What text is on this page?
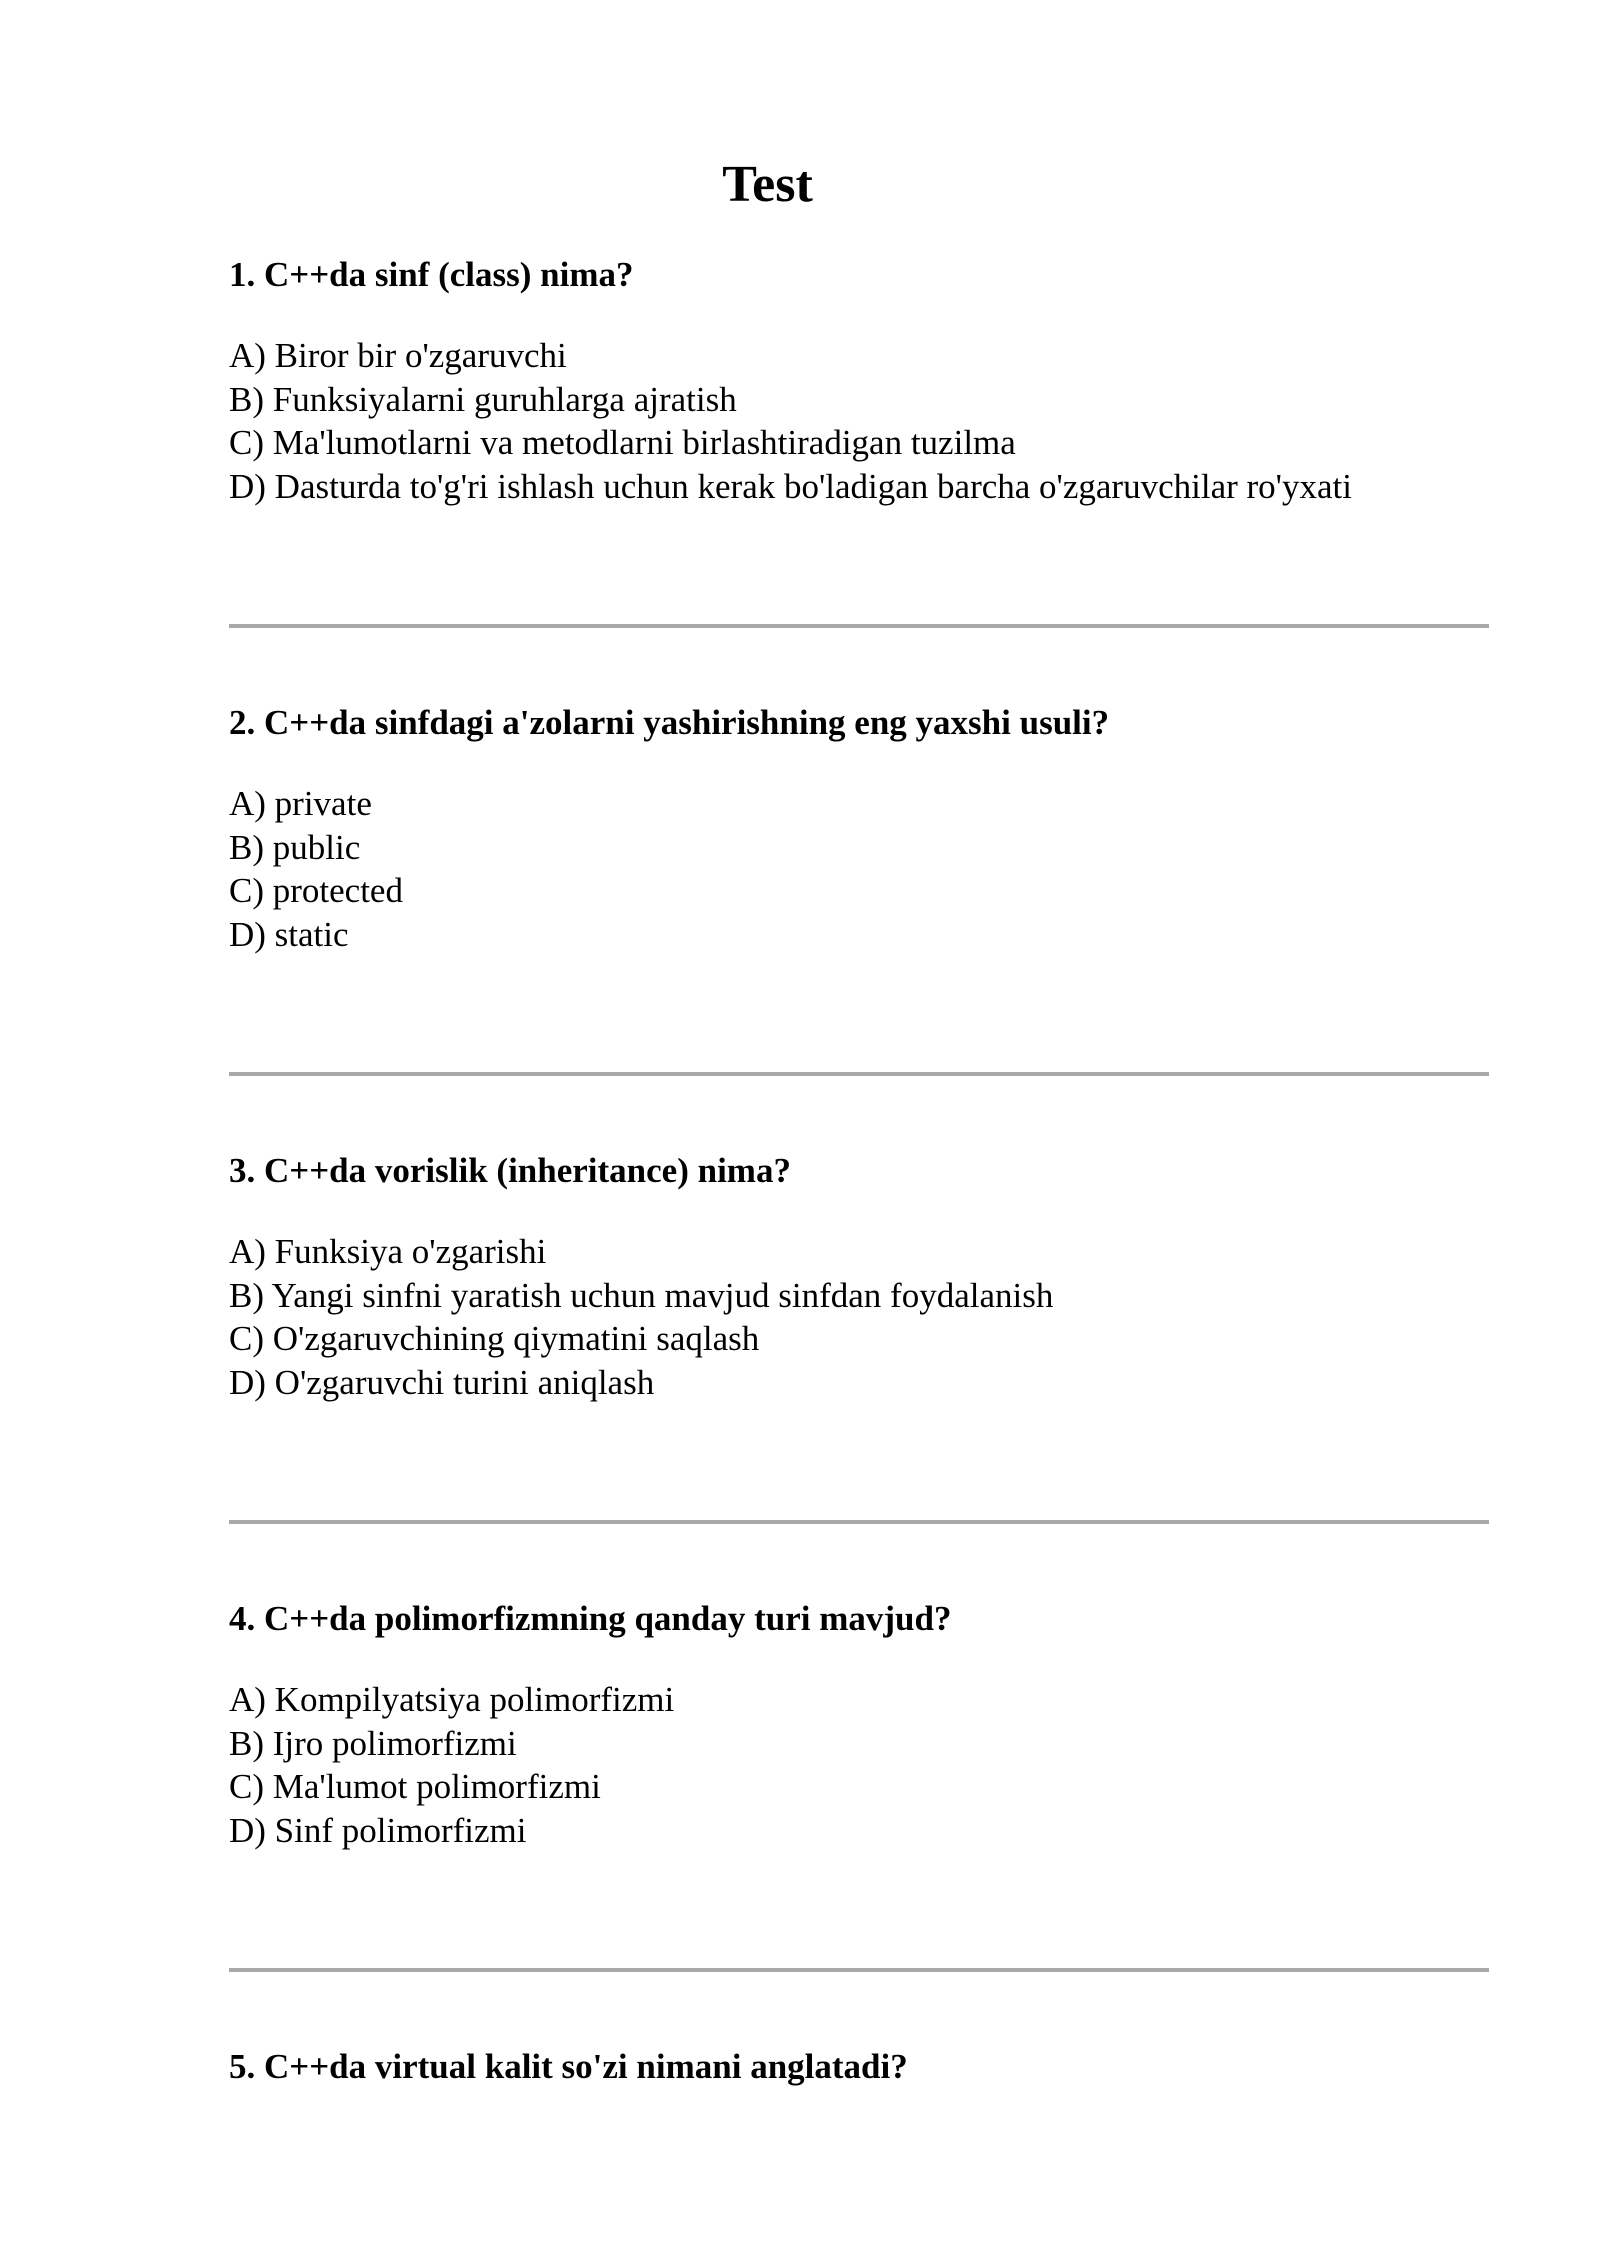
Test

1. C++da sinf (class) nima?

A) Biror bir o'zgaruvchi
B) Funksiyalarni guruhlarga ajratish
C) Ma'lumotlarni va metodlarni birlashtiradigan tuzilma
D) Dasturda to'g'ri ishlash uchun kerak bo'ladigan barcha o'zgaruvchilar ro'yxati

2. C++da sinfdagi a'zolarni yashirishning eng yaxshi usuli?

A) private
B) public
C) protected
D) static

3. C++da vorislik (inheritance) nima?

A) Funksiya o'zgarishi
B) Yangi sinfni yaratish uchun mavjud sinfdan foydalanish
C) O'zgaruvchining qiymatini saqlash
D) O'zgaruvchi turini aniqlash

4. C++da polimorfizmning qanday turi mavjud?

A) Kompilyatsiya polimorfizmi
B) Ijro polimorfizmi
C) Ma'lumot polimorfizmi
D) Sinf polimorfizmi

5. C++da virtual kalit so'zi nimani anglatadi?
